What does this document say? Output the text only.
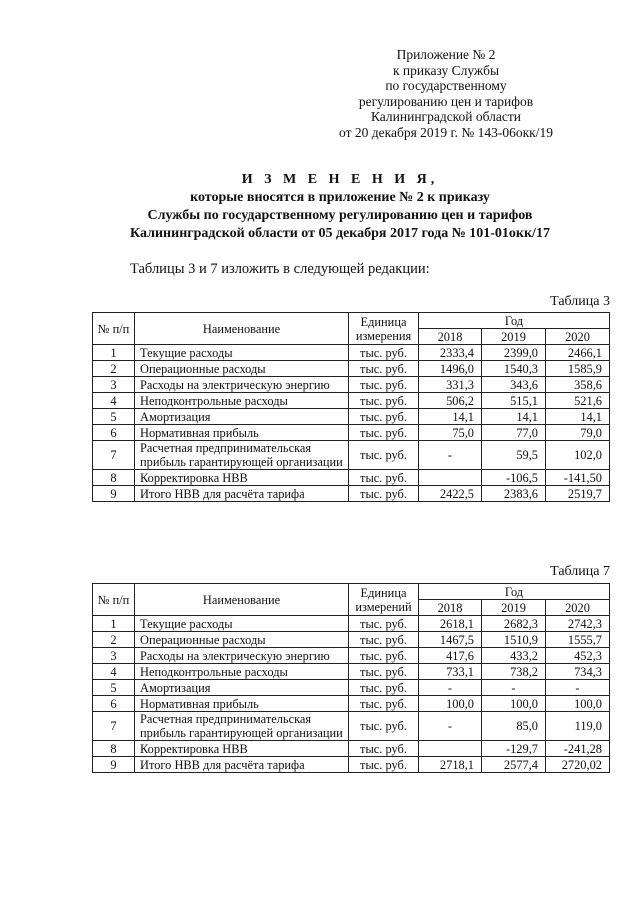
Приложение № 2
к приказу Службы
по государственному
регулированию цен и тарифов
Калининградской области
от 20 декабря 2019 г. № 143-06окк/19
И З М Е Н Е Н И Я,
которые вносятся в приложение № 2 к приказу
Службы по государственному регулированию цен и тарифов
Калининградской области от 05 декабря 2017 года № 101-01окк/17
Таблицы 3 и 7 изложить в следующей редакции:
Таблица 3
№ п/п	Наименование	Единица измерения	Год		
			2018	2019	2020
1	Текущие расходы	тыс. руб.	2333,4	2399,0	2466,1
2	Операционные расходы	тыс. руб.	1496,0	1540,3	1585,9
3	Расходы на электрическую энергию	тыс. руб.	331,3	343,6	358,6
4	Неподконтрольные расходы	тыс. руб.	506,2	515,1	521,6
5	Амортизация	тыс. руб.	14,1	14,1	14,1
6	Нормативная прибыль	тыс. руб.	75,0	77,0	79,0
7	Расчетная предпринимательская прибыль гарантирующей организации	тыс. руб.	-	59,5	102,0
8	Корректировка НВВ	тыс. руб.		-106,5	-141,50
9	Итого НВВ для расчёта тарифа	тыс. руб.	2422,5	2383,6	2519,7
Таблица 7
№ п/п	Наименование	Единица измерений	Год		
			2018	2019	2020
1	Текущие расходы	тыс. руб.	2618,1	2682,3	2742,3
2	Операционные расходы	тыс. руб.	1467,5	1510,9	1555,7
3	Расходы на электрическую энергию	тыс. руб.	417,6	433,2	452,3
4	Неподконтрольные расходы	тыс. руб.	733,1	738,2	734,3
5	Амортизация	тыс. руб.	-	-	-
6	Нормативная прибыль	тыс. руб.	100,0	100,0	100,0
7	Расчетная предпринимательская прибыль гарантирующей организации	тыс. руб.	-	85,0	119,0
8	Корректировка НВВ	тыс. руб.		-129,7	-241,28
9	Итого НВВ для расчёта тарифа	тыс. руб.	2718,1	2577,4	2720,02
